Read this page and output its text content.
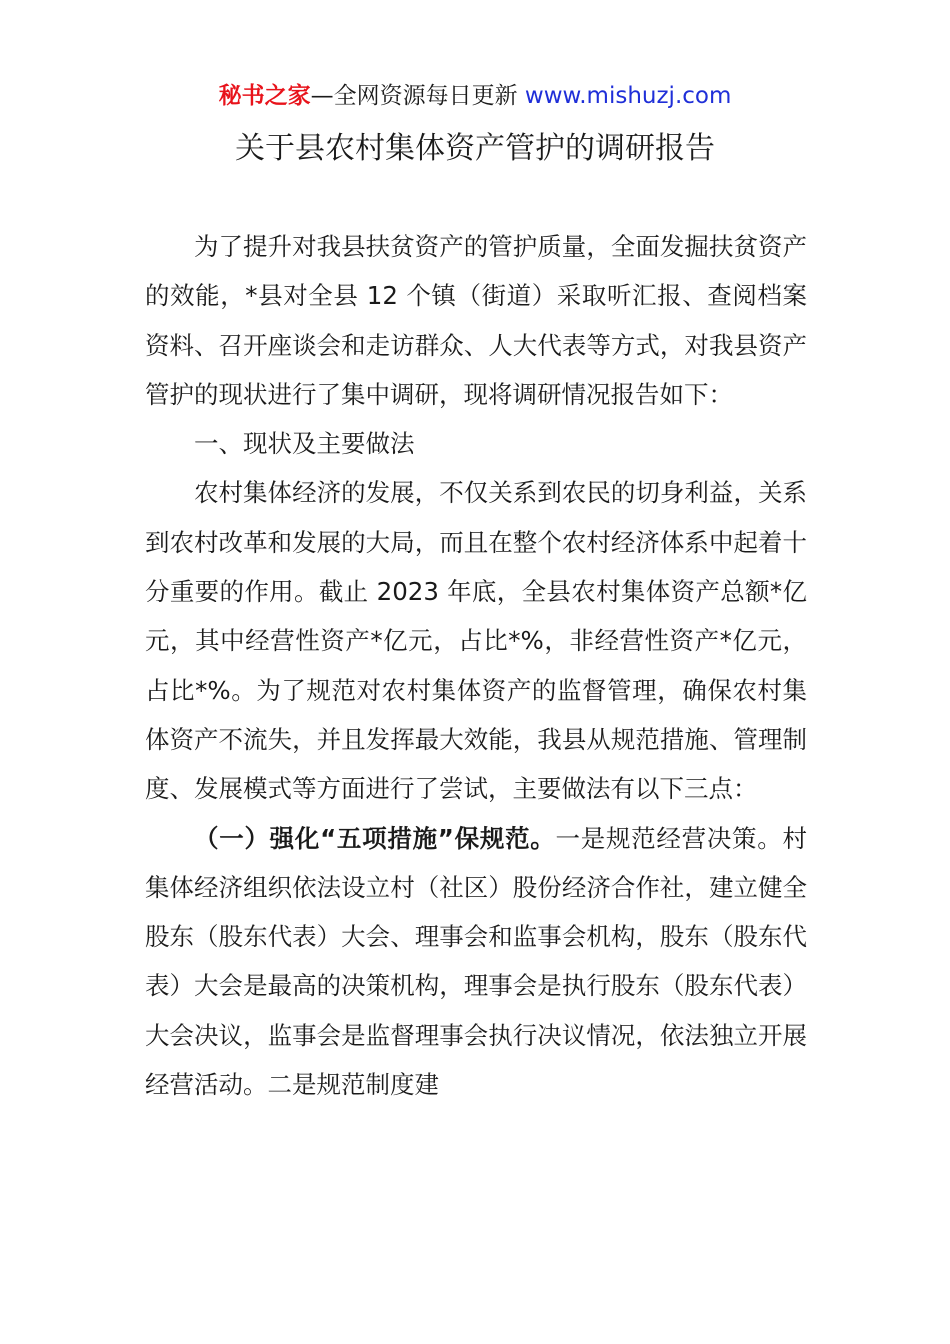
秘书之家—全网资源每日更新 www.mishuzj.com
关于县农村集体资产管护的调研报告

为了提升对我县扶贫资产的管护质量，全面发掘扶贫资产的效能，*县对全县 12 个镇（街道）采取听汇报、查阅档案资料、召开座谈会和走访群众、人大代表等方式，对我县资产管护的现状进行了集中调研，现将调研情况报告如下：

一、现状及主要做法

农村集体经济的发展，不仅关系到农民的切身利益，关系到农村改革和发展的大局，而且在整个农村经济体系中起着十分重要的作用。截止 2023 年底，全县农村集体资产总额*亿元，其中经营性资产*亿元，占比*%，非经营性资产*亿元，占比*%。为了规范对农村集体资产的监督管理，确保农村集体资产不流失，并且发挥最大效能，我县从规范措施、管理制度、发展模式等方面进行了尝试，主要做法有以下三点：

（一）强化“五项措施”保规范。一是规范经营决策。村集体经济组织依法设立村（社区）股份经济合作社，建立健全股东（股东代表）大会、理事会和监事会机构，股东（股东代表）大会是最高的决策机构，理事会是执行股东（股东代表）大会决议，监事会是监督理事会执行决议情况，依法独立开展经营活动。二是规范制度建
